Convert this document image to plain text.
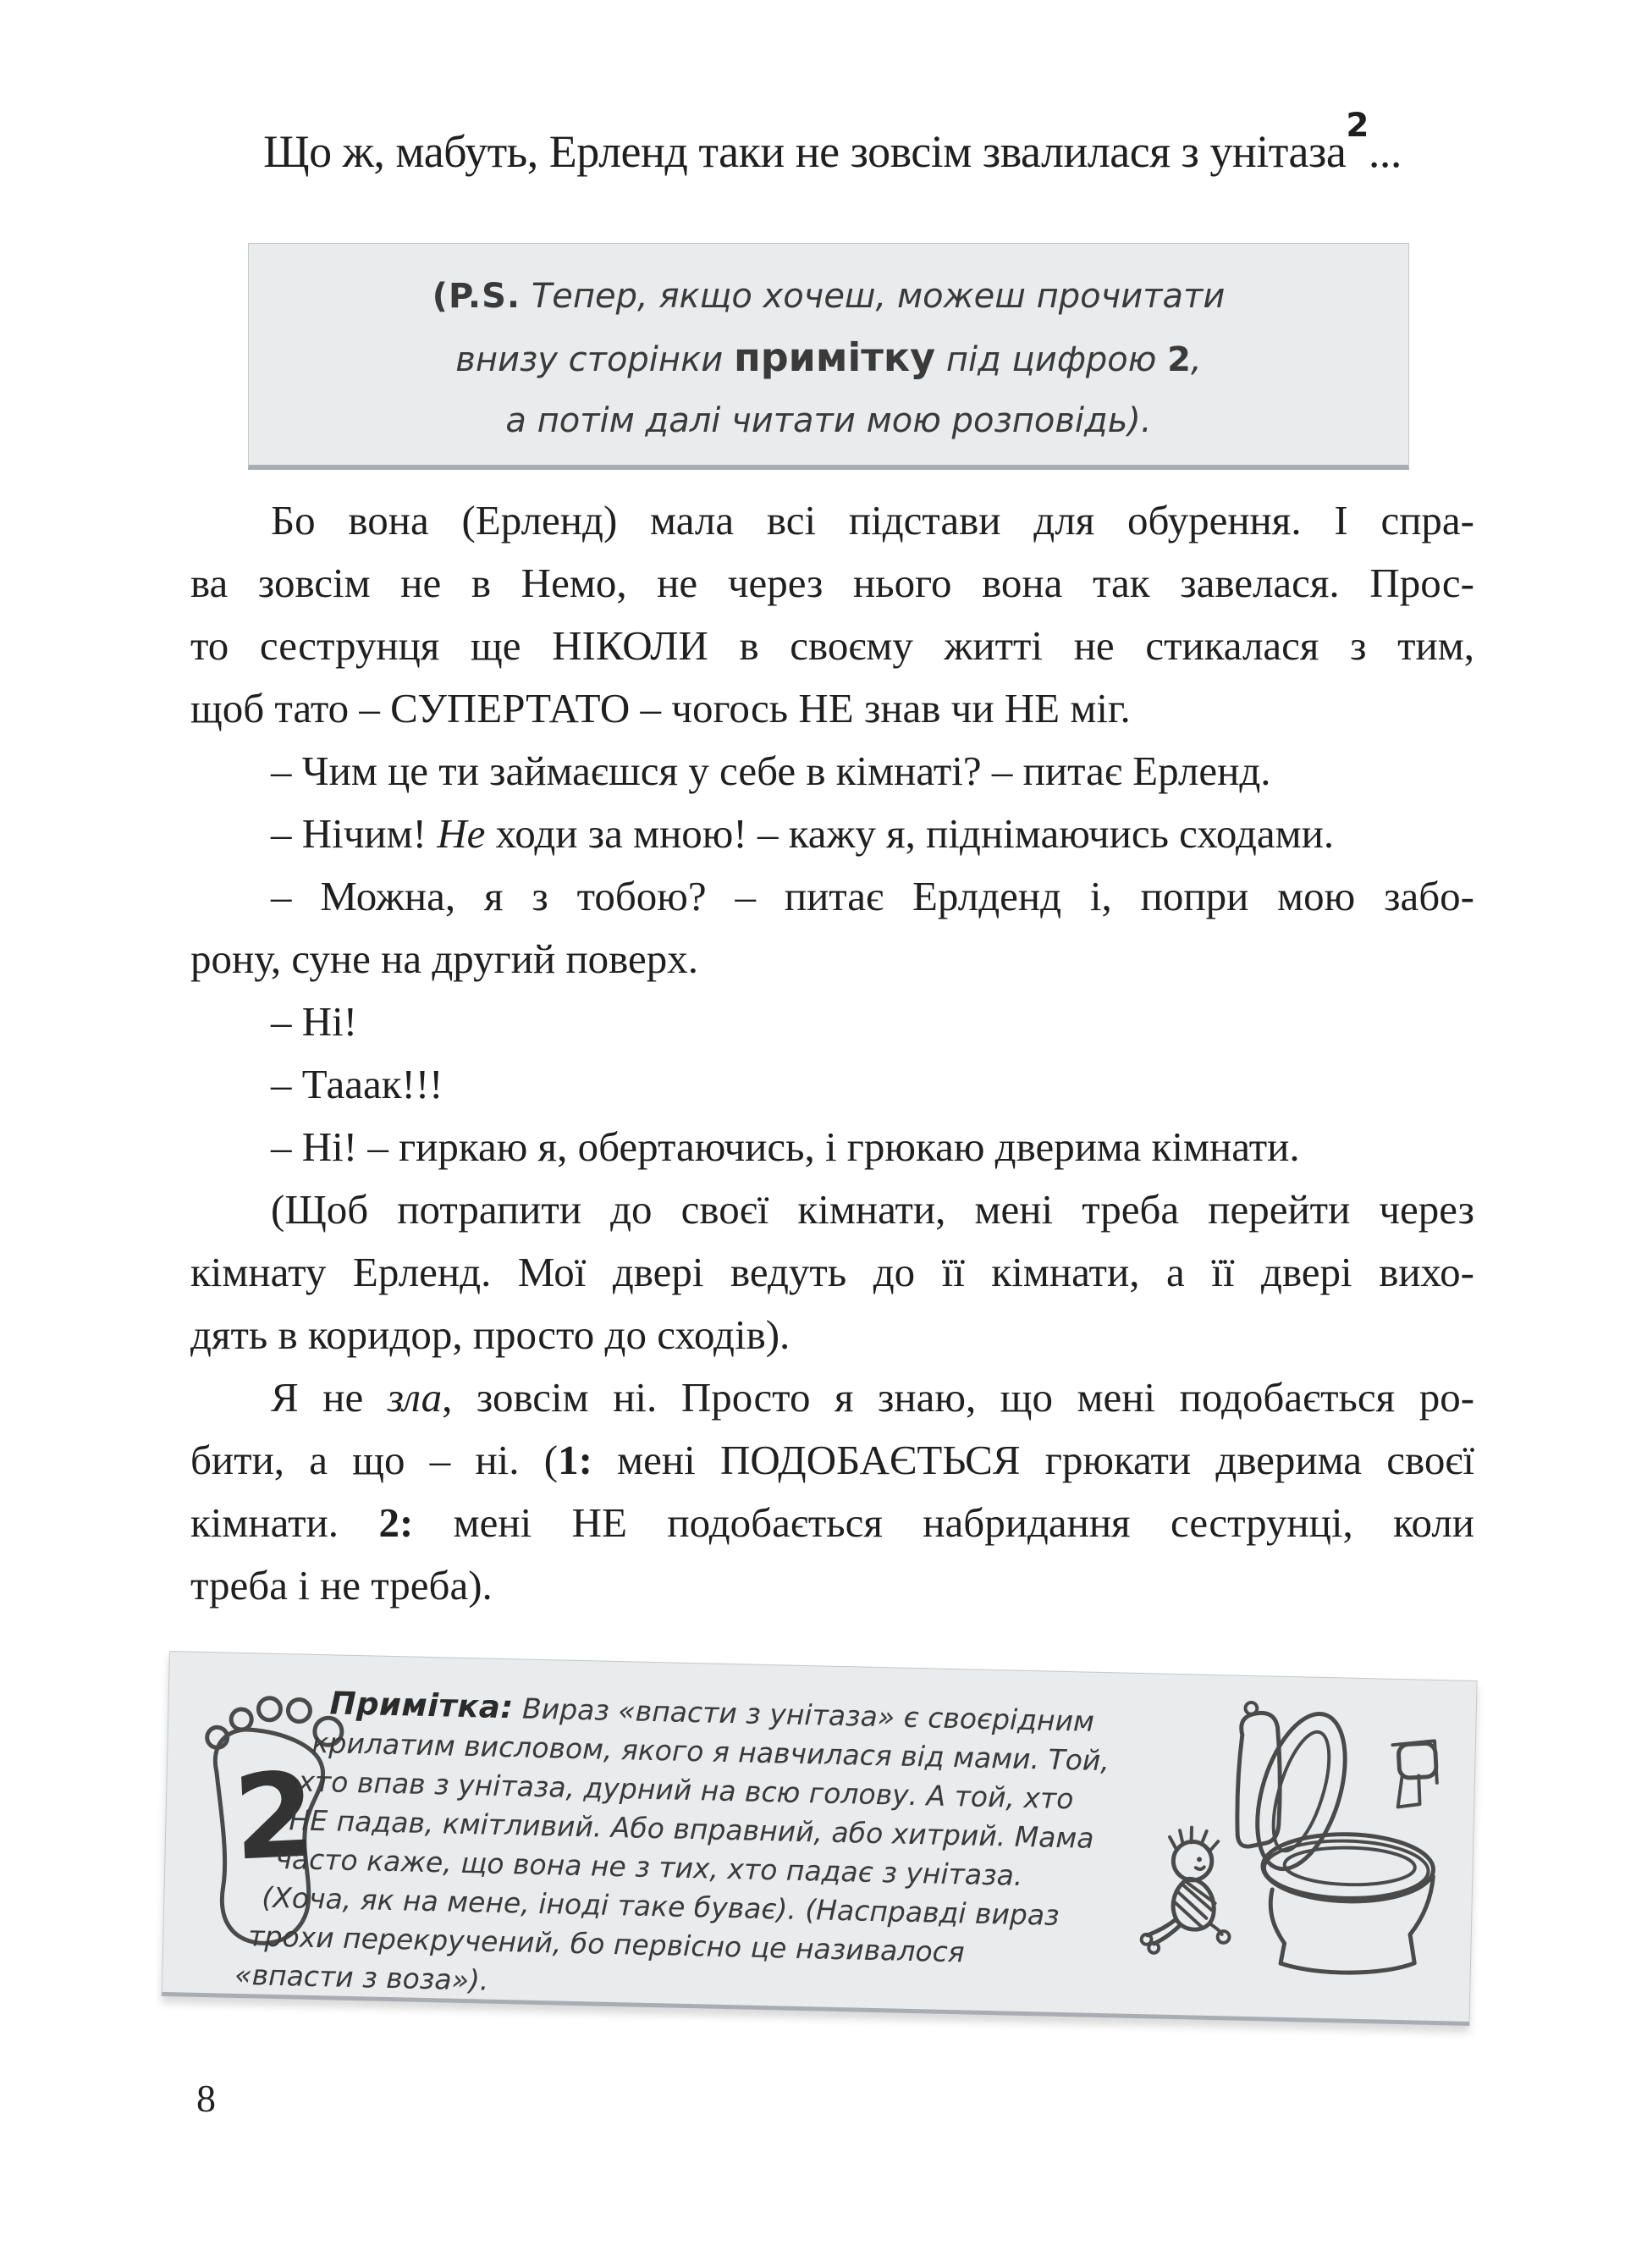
Що ж, мабуть, Ерленд таки не зовсім звалилася з унітаза$^2$...
(P.S. Тепер, якщо хочеш, можеш прочитати
внизу сторінки примітку під цифрою 2,
а потім далі читати мою розповідь).
Бо вона (Ерленд) мала всі підстави для обурення. І спра-
ва зовсім не в Немо, не через нього вона так завелася. Прос-
то сеструнця ще НІКОЛИ в своєму житті не стикалася з тим,
щоб тато – СУПЕРТАТО – чогось НЕ знав чи НЕ міг.
– Чим це ти займаєшся у себе в кімнаті? – питає Ерленд.
– Нічим! Не ходи за мною! – кажу я, піднімаючись сходами.
– Можна, я з тобою? – питає Ерлденд і, попри мою забо-
рону, суне на другий поверх.
– Ні!
– Тааак!!!
– Ні! – гиркаю я, обертаючись, і грюкаю дверима кімнати.
(Щоб потрапити до своєї кімнати, мені треба перейти через
кімнату Ерленд. Мої двері ведуть до її кімнати, а її двері вихо-
дять в коридор, просто до сходів).
Я не зла, зовсім ні. Просто я знаю, що мені подобається ро-
бити, а що – ні. (1: мені ПОДОБАЄТЬСЯ грюкати дверима своєї
кімнати. 2: мені НЕ подобається набридання сеструнці, коли
треба і не треба).
2
Примітка: Вираз «впасти з унітаза» є своєрідним
крилатим висловом, якого я навчилася від мами. Той,
хто впав з унітаза, дурний на всю голову. А той, хто
НЕ падав, кмітливий. Або вправний, або хитрий. Мама
часто каже, що вона не з тих, хто падає з унітаза.
(Хоча, як на мене, іноді таке буває). (Насправді вираз
трохи перекручений, бо первісно це називалося
«впасти з воза»).
8
